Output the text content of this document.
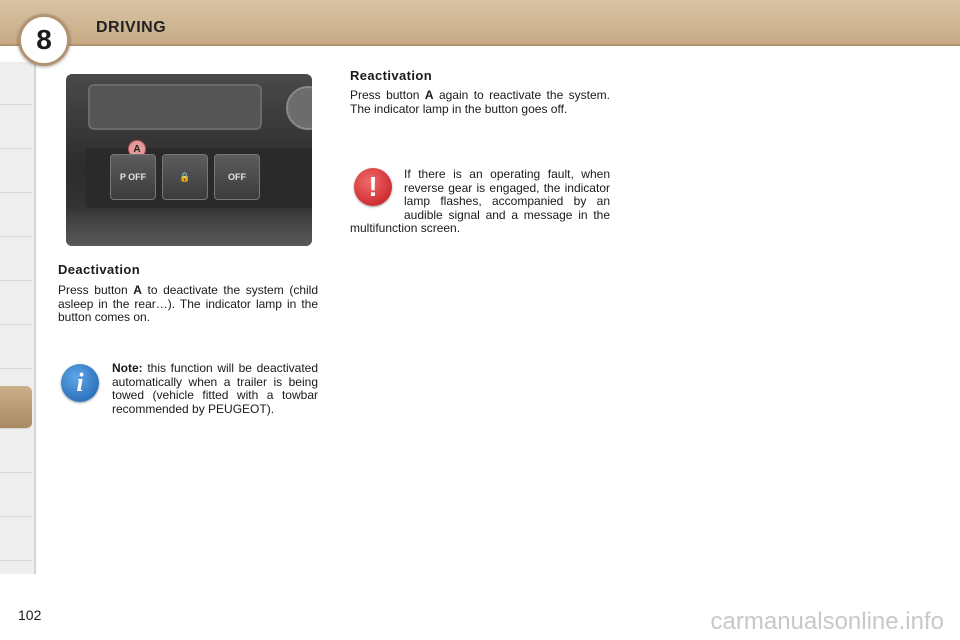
8	DRIVING
A
P OFF	🔒	OFF
Deactivation
Press button A to deactivate the system (child asleep in the rear…). The indicator lamp in the button comes on.
i	Note: this function will be deactivated automatically when a trailer is being towed (vehicle fitted with a towbar recommended by PEUGEOT).
Reactivation
Press button A again to reactivate the system. The indicator lamp in the button goes off.
!	If there is an operating fault, when reverse gear is engaged, the indicator lamp flashes, accompanied by an audible signal and a message in the multifunction screen.
102	carmanualsonline.info
